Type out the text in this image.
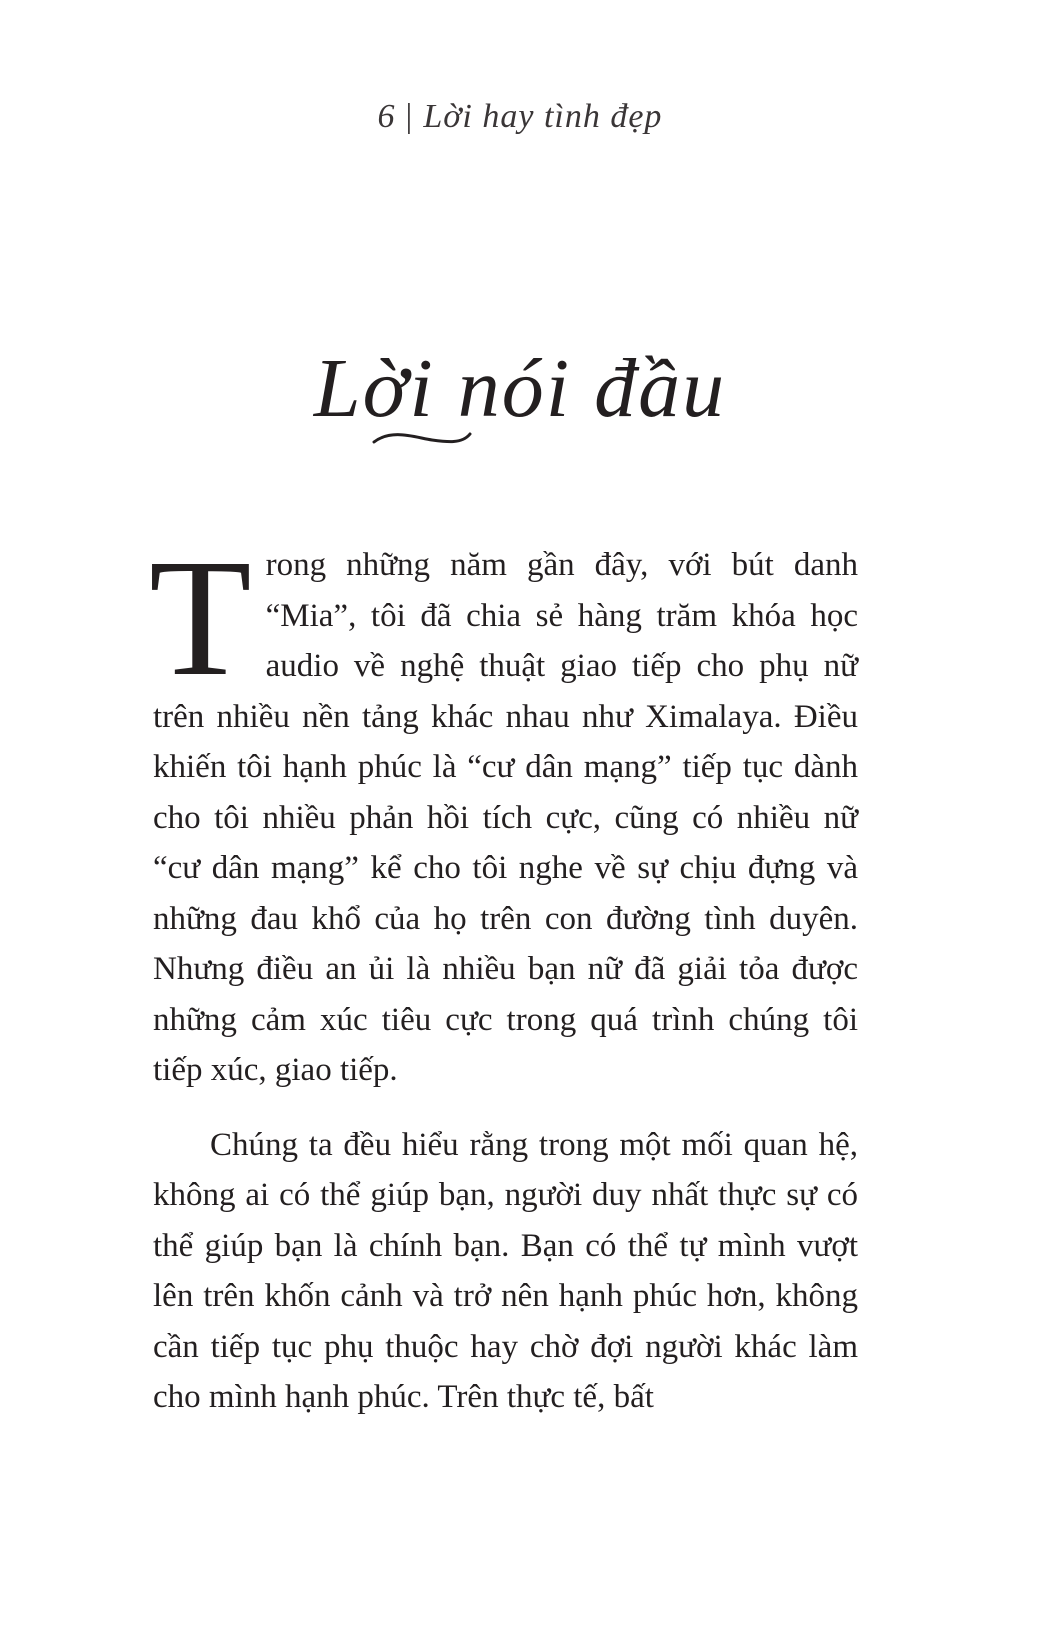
6 | Lời hay tình đẹp
Lời nói đầu

Trong những năm gần đây, với bút danh “Mia”, tôi đã chia sẻ hàng trăm khóa học audio về nghệ thuật giao tiếp cho phụ nữ trên nhiều nền tảng khác nhau như Ximalaya. Điều khiến tôi hạnh phúc là “cư dân mạng” tiếp tục dành cho tôi nhiều phản hồi tích cực, cũng có nhiều nữ “cư dân mạng” kể cho tôi nghe về sự chịu đựng và những đau khổ của họ trên con đường tình duyên. Nhưng điều an ủi là nhiều bạn nữ đã giải tỏa được những cảm xúc tiêu cực trong quá trình chúng tôi tiếp xúc, giao tiếp.

Chúng ta đều hiểu rằng trong một mối quan hệ, không ai có thể giúp bạn, người duy nhất thực sự có thể giúp bạn là chính bạn. Bạn có thể tự mình vượt lên trên khốn cảnh và trở nên hạnh phúc hơn, không cần tiếp tục phụ thuộc hay chờ đợi người khác làm cho mình hạnh phúc. Trên thực tế, bất
